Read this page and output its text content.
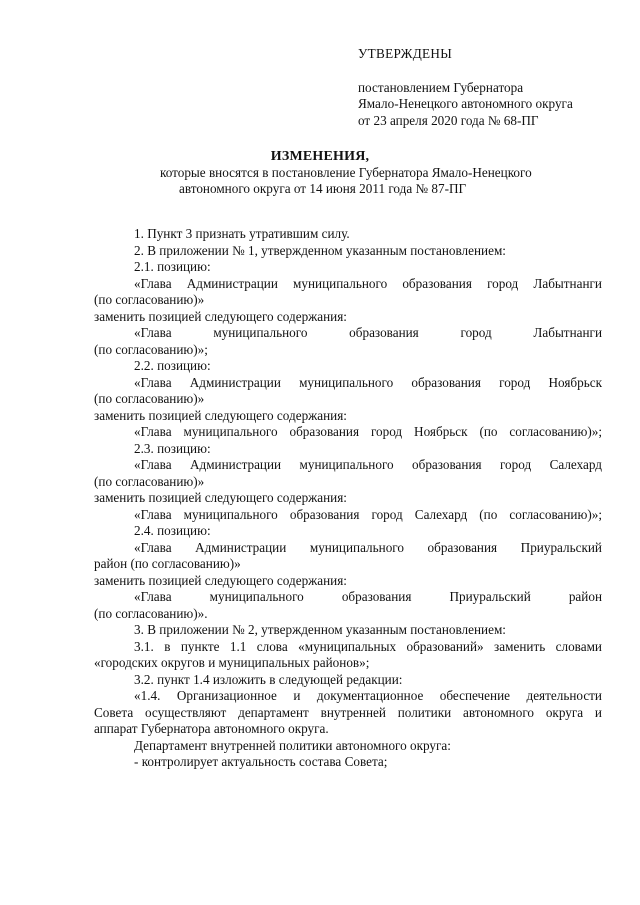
УТВЕРЖДЕНЫ
постановлением Губернатора
Ямало-Ненецкого автономного округа
от 23 апреля 2020 года № 68-ПГ
ИЗМЕНЕНИЯ,
которые вносятся в постановление Губернатора Ямало-Ненецкого
автономного округа от 14 июня 2011 года № 87-ПГ

1. Пункт 3 признать утратившим силу.

2. В приложении № 1, утвержденном указанным постановлением:

2.1. позицию:

«Глава Администрации муниципального образования город Лабытнанги

(по согласованию)»

заменить позицией следующего содержания:

«Глава муниципального образования город Лабытнанги

(по согласованию)»;

2.2. позицию:

«Глава Администрации муниципального образования город Ноябрьск

(по согласованию)»

заменить позицией следующего содержания:

«Глава муниципального образования город Ноябрьск (по согласованию)»;

2.3. позицию:

«Глава Администрации муниципального образования город Салехард

(по согласованию)»

заменить позицией следующего содержания:

«Глава муниципального образования город Салехард (по согласованию)»;

2.4. позицию:

«Глава Администрации муниципального образования Приуральский

район (по согласованию)»

заменить позицией следующего содержания:

«Глава муниципального образования Приуральский район

(по согласованию)».

3. В приложении № 2, утвержденном указанным постановлением:

3.1. в пункте 1.1 слова «муниципальных образований» заменить словами

«городских округов и муниципальных районов»;

3.2. пункт 1.4 изложить в следующей редакции:

«1.4. Организационное и документационное обеспечение деятельности

Совета осуществляют департамент внутренней политики автономного округа и

аппарат Губернатора автономного округа.

Департамент внутренней политики автономного округа:

- контролирует актуальность состава Совета;
